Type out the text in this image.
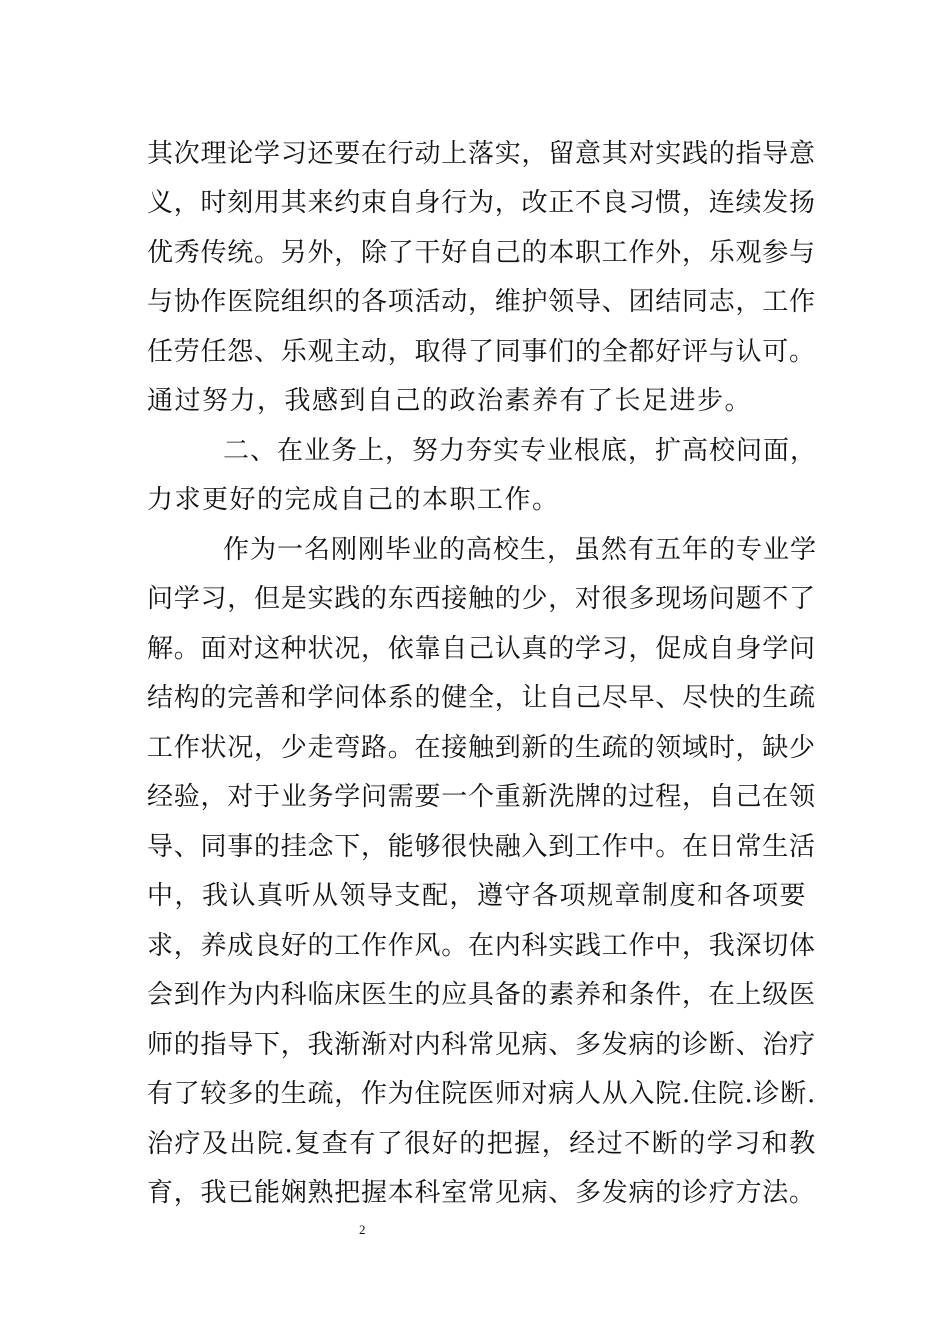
其次理论学习还要在行动上落实，留意其对实践的指导意
义，时刻用其来约束自身行为，改正不良习惯，连续发扬
优秀传统。另外，除了干好自己的本职工作外，乐观参与
与协作医院组织的各项活动，维护领导、团结同志，工作
任劳任怨、乐观主动，取得了同事们的全都好评与认可。
通过努力，我感到自己的政治素养有了长足进步。
二、在业务上，努力夯实专业根底，扩高校问面，
力求更好的完成自己的本职工作。
作为一名刚刚毕业的高校生，虽然有五年的专业学
问学习，但是实践的东西接触的少，对很多现场问题不了
解。面对这种状况，依靠自己认真的学习，促成自身学问
结构的完善和学问体系的健全，让自己尽早、尽快的生疏
工作状况，少走弯路。在接触到新的生疏的领域时，缺少
经验，对于业务学问需要一个重新洗牌的过程，自己在领
导、同事的挂念下，能够很快融入到工作中。在日常生活
中，我认真听从领导支配，遵守各项规章制度和各项要
求，养成良好的工作作风。在内科实践工作中，我深切体
会到作为内科临床医生的应具备的素养和条件，在上级医
师的指导下，我渐渐对内科常见病、多发病的诊断、治疗
有了较多的生疏，作为住院医师对病人从入院.住院.诊断.
治疗及出院.复查有了很好的把握，经过不断的学习和教
育，我已能娴熟把握本科室常见病、多发病的诊疗方法。
2
